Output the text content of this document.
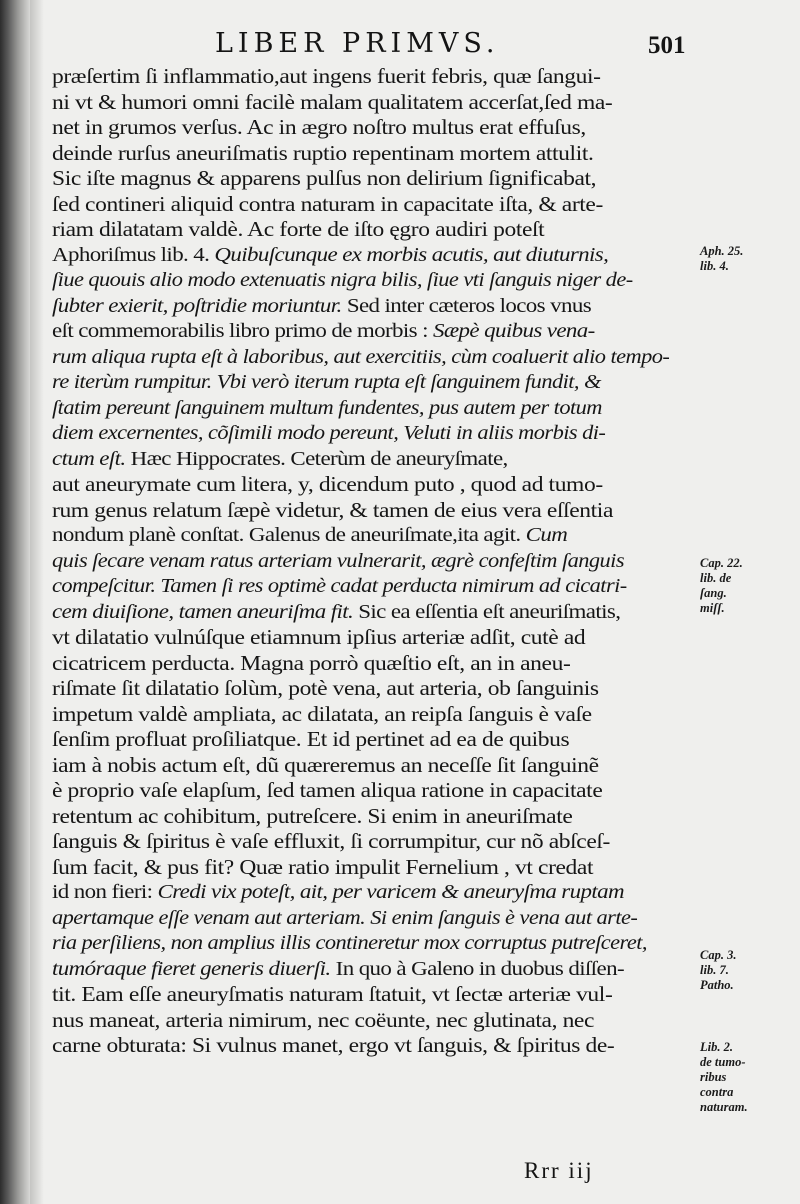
LIBER PRIMVS.	501
præſertim ſi inflammatio,aut ingens fuerit febris, quæ ſangui-
ni vt & humori omni facilè malam qualitatem accerſat,ſed ma-
net in grumos verſus. Ac in ægro noſtro multus erat effuſus,
deinde rurſus aneuriſmatis ruptio repentinam mortem attulit.
Sic iſte magnus & apparens pulſus non delirium ſignificabat,
ſed contineri aliquid contra naturam in capacitate iſta, & arte-
riam dilatatam valdè. Ac forte de iſto ęgro audiri poteſt
Aphoriſmus lib. 4. Quibuſcunque ex morbis acutis, aut diuturnis,
ſiue quouis alio modo extenuatis nigra bilis, ſiue vti ſanguis niger de-
ſubter exierit, poſtridie moriuntur. Sed inter cæteros locos vnus
eſt commemorabilis libro primo de morbis : Sæpè quibus vena-
rum aliqua rupta eſt à laboribus, aut exercitiis, cùm coaluerit alio tempo-
re iterùm rumpitur. Vbi verò iterum rupta eſt ſanguinem fundit, &
ſtatim pereunt ſanguinem multum fundentes, pus autem per totum
diem excernentes, cõſimili modo pereunt, Veluti in aliis morbis di-
ctum eſt. Hæc Hippocrates. Ceterùm de aneuryſmate,
aut aneurymate cum litera, y, dicendum puto , quod ad tumo-
rum genus relatum ſæpè videtur, & tamen de eius vera eſſentia
nondum planè conſtat. Galenus de aneuriſmate,ita agit. Cum
quis ſecare venam ratus arteriam vulnerarit, ægrè confeſtim ſanguis
compeſcitur. Tamen ſi res optimè cadat perducta nimirum ad cicatri-
cem diuiſione, tamen aneuriſma fit. Sic ea eſſentia eſt aneuriſmatis,
vt dilatatio vulnúſque etiamnum ipſius arteriæ adſit, cutè ad
cicatricem perducta. Magna porrò quæſtio eſt, an in aneu-
riſmate ſit dilatatio ſolùm, potè vena, aut arteria, ob ſanguinis
impetum valdè ampliata, ac dilatata, an reipſa ſanguis è vaſe
ſenſim profluat proſiliatque. Et id pertinet ad ea de quibus
iam à nobis actum eſt, dũ quæreremus an neceſſe ſit ſanguinẽ
è proprio vaſe elapſum, ſed tamen aliqua ratione in capacitate
retentum ac cohibitum, putreſcere. Si enim in aneuriſmate
ſanguis & ſpiritus è vaſe effluxit, ſi corrumpitur, cur nõ abſceſ-
ſum facit, & pus fit? Quæ ratio impulit Fernelium , vt credat
id non fieri: Credi vix poteſt, ait, per varicem & aneuryſma ruptam
apertamque eſſe venam aut arteriam. Si enim ſanguis è vena aut arte-
ria perſiliens, non amplius illis contineretur mox corruptus putreſceret,
tumóraque fieret generis diuerſi. In quo à Galeno in duobus diſſen-
tit. Eam eſſe aneuryſmatis naturam ſtatuit, vt ſectæ arteriæ vul-
nus maneat, arteria nimirum, nec coëunte, nec glutinata, nec
carne obturata: Si vulnus manet, ergo vt ſanguis, & ſpiritus de-
Aph. 25.
lib. 4.
Cap. 22.
lib. de
ſang.
miſſ.
Cap. 3.
lib. 7.
Patho.
Lib. 2.
de tumo-
ribus
contra
naturam.
Rrr iij
